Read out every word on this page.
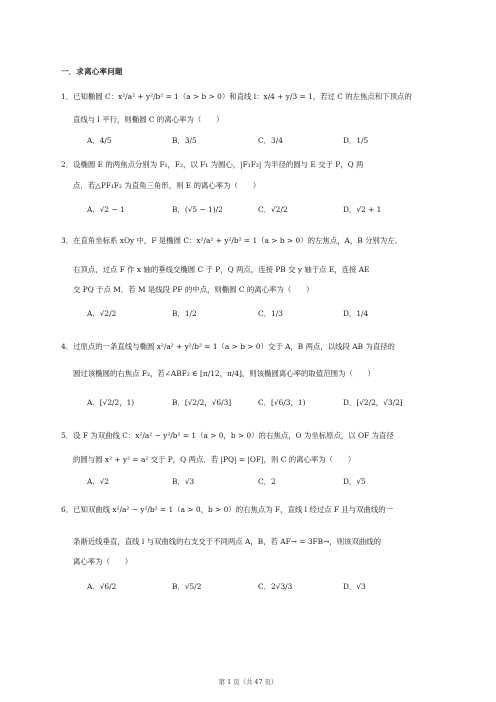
一．求离心率问题
1．已知椭圆 C：x²/a² + y²/b² = 1（a > b > 0）和直线 l：x/4 + y/3 = 1，若过 C 的左焦点和下顶点的
直线与 l 平行，则椭圆 C 的离心率为（　　）
A．4/5	B．3/5	C．3/4	D．1/5
2．设椭圆 E 的两焦点分别为 F₁，F₂，以 F₁ 为圆心，|F₁F₂| 为半径的圆与 E 交于 P，Q 两
点．若△PF₁F₂ 为直角三角形，则 E 的离心率为（　　）
A．√2 − 1	B．(√5 − 1)/2	C．√2/2	D．√2 + 1
3．在直角坐标系 xOy 中，F 是椭圆 C：x²/a² + y²/b² = 1（a > b > 0）的左焦点，A，B 分别为左、
右顶点，过点 F 作 x 轴的垂线交椭圆 C 于 P，Q 两点，连接 PB 交 y 轴于点 E，连接 AE
交 PQ 于点 M．若 M 是线段 PF 的中点，则椭圆 C 的离心率为（　　）
A．√2/2	B．1/2	C．1/3	D．1/4
4．过原点的一条直线与椭圆 x²/a² + y²/b² = 1（a > b > 0）交于 A，B 两点，以线段 AB 为直径的
圆过该椭圆的右焦点 F₂，若∠ABF₂ ∈ [π/12，π/4]，则该椭圆离心率的取值范围为（　　）
A．[√2/2，1)	B．[√2/2，√6/3]	C．[√6/3，1)	D．[√2/2，√3/2]
5．设 F 为双曲线 C：x²/a² − y²/b² = 1（a > 0，b > 0）的右焦点，O 为坐标原点，以 OF 为直径
的圆与圆 x² + y² = a² 交于 P，Q 两点．若 |PQ| = |OF|，则 C 的离心率为（　　）
A．√2	B．√3	C．2	D．√5
6．已知双曲线 x²/a² − y²/b² = 1（a > 0，b > 0）的右焦点为 F，直线 l 经过点 F 且与双曲线的一
条渐近线垂直，直线 l 与双曲线的右支交于不同两点 A，B，若 AF→ = 3FB→，则该双曲线的
离心率为（　　）
A．√6/2	B．√5/2	C．2√3/3	D．√3
第 1 页（共 47 页）
